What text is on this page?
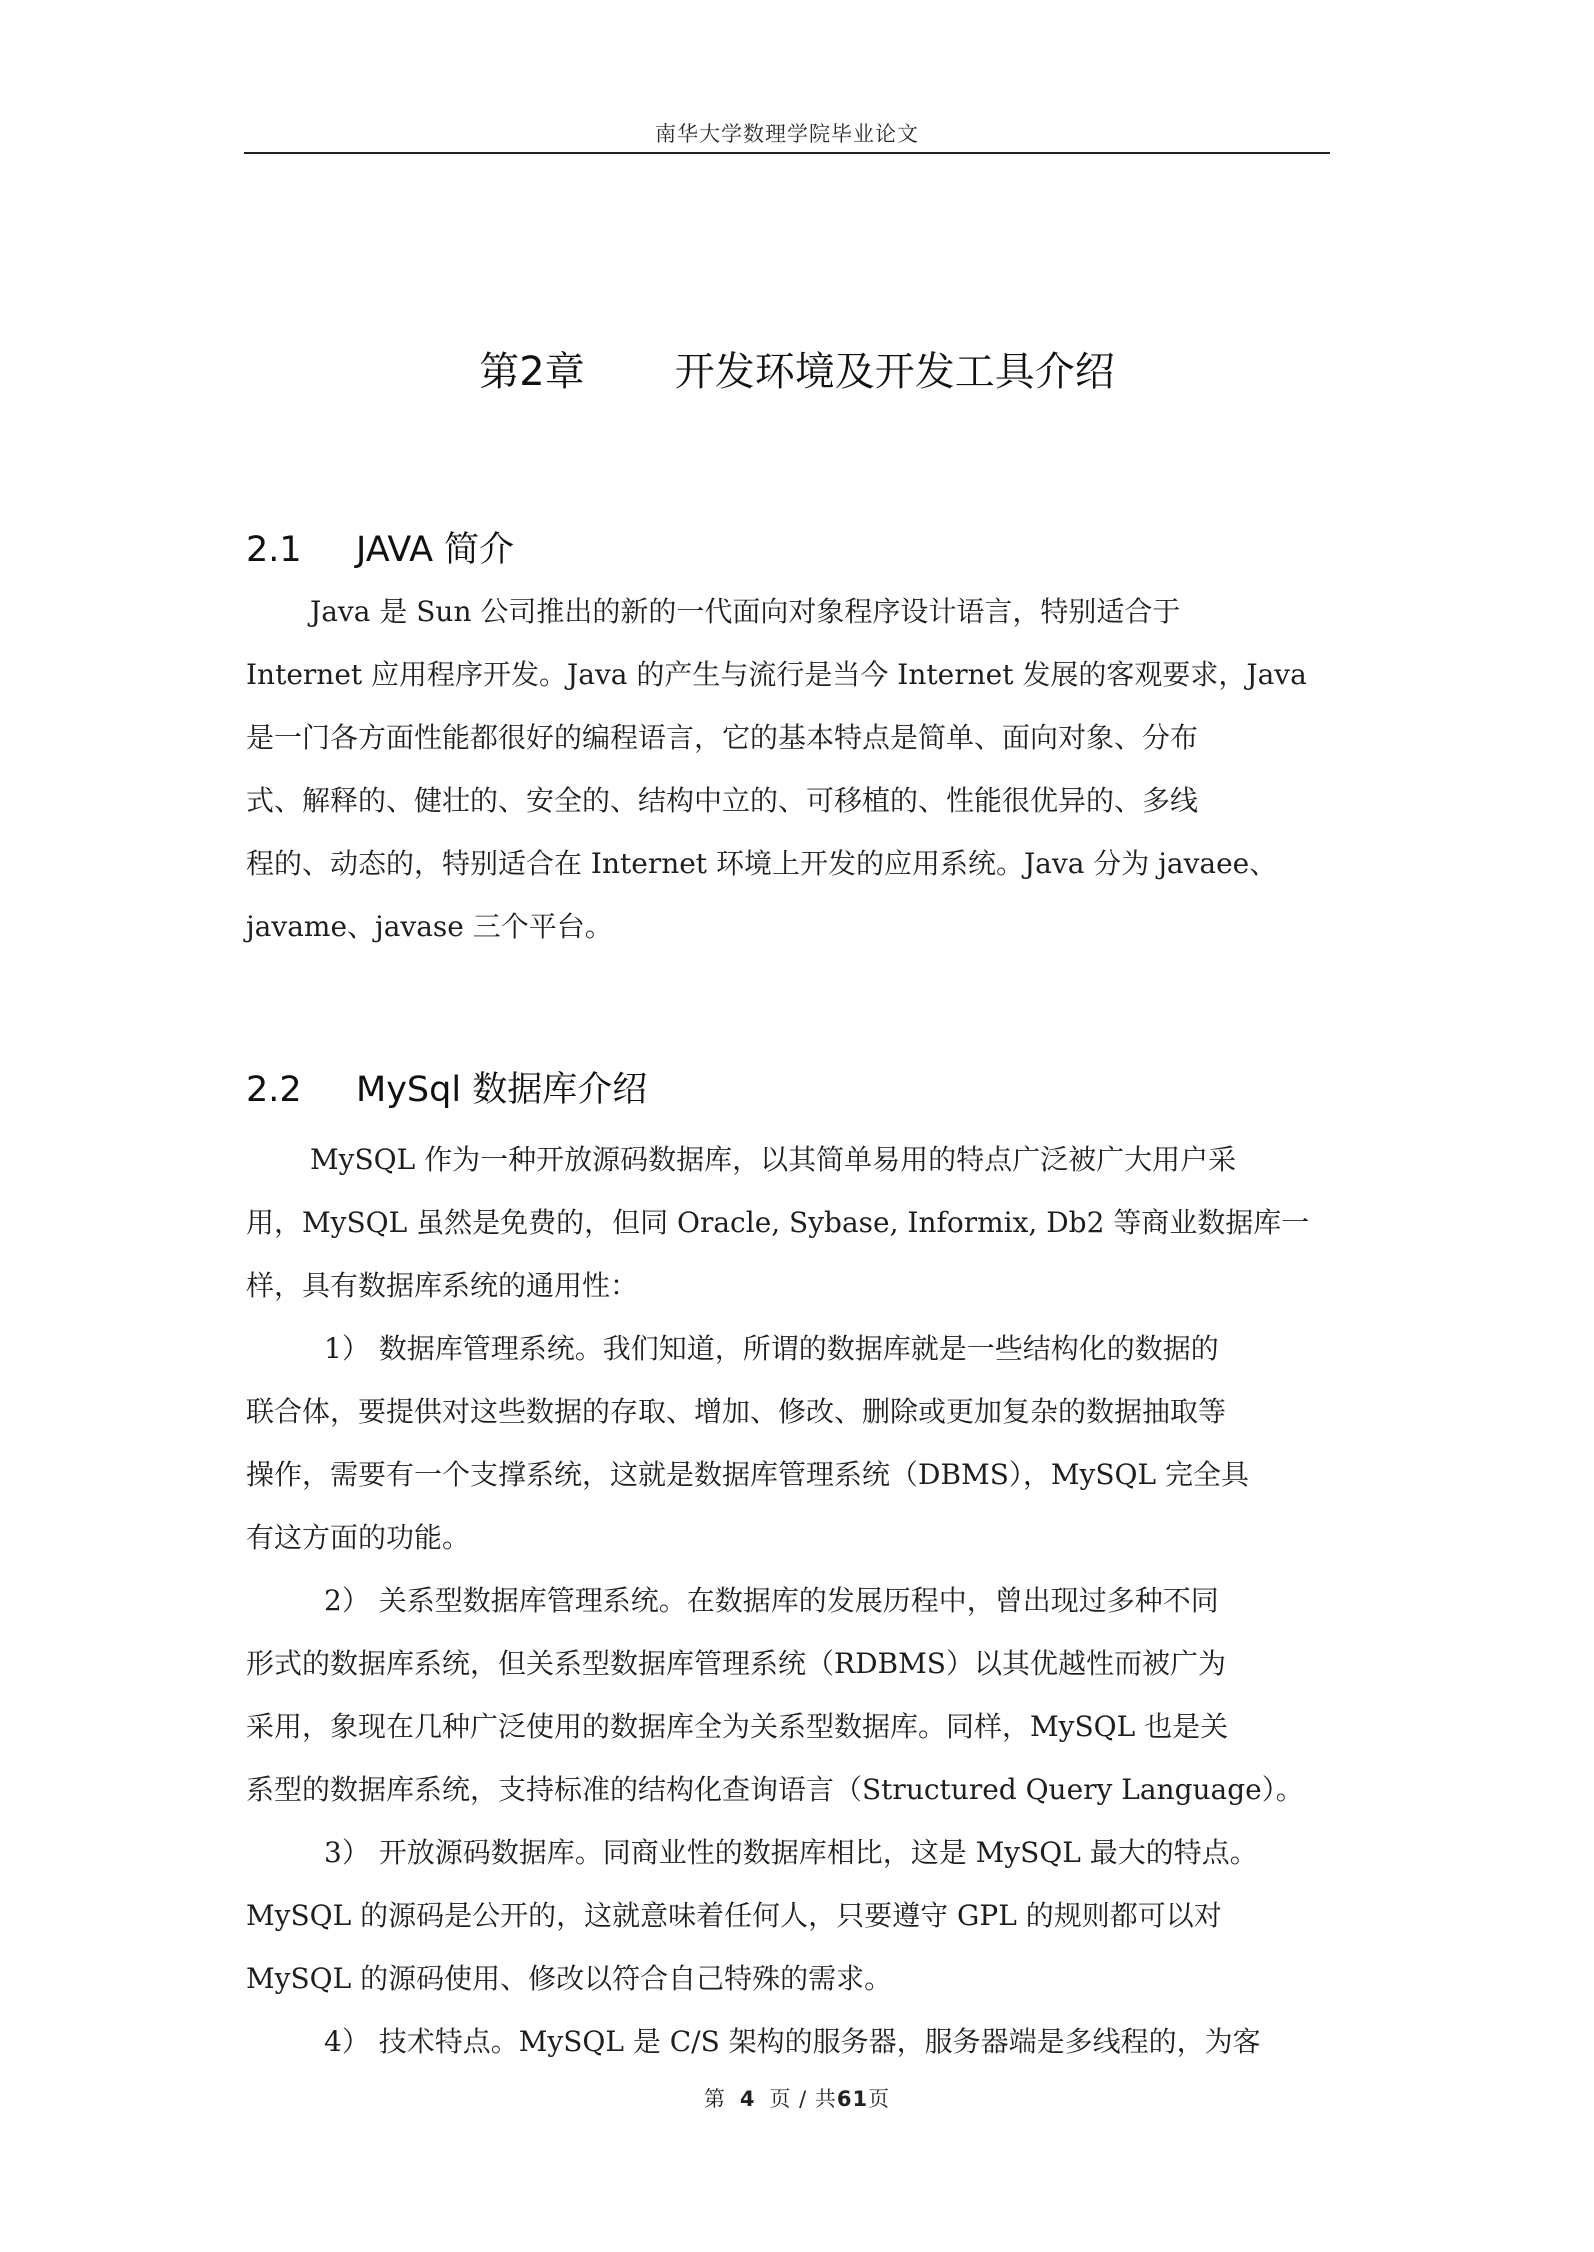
南华大学数理学院毕业论文
第2章 开发环境及开发工具介绍
2.1 JAVA 简介
Java 是 Sun 公司推出的新的一代面向对象程序设计语言，特别适合于
Internet 应用程序开发。Java 的产生与流行是当今 Internet 发展的客观要求，Java
是一门各方面性能都很好的编程语言，它的基本特点是简单、面向对象、分布
式、解释的、健壮的、安全的、结构中立的、可移植的、性能很优异的、多线
程的、动态的，特别适合在 Internet 环境上开发的应用系统。Java 分为 javaee、
javame、javase 三个平台。
2.2 MySql 数据库介绍
MySQL 作为一种开放源码数据库，以其简单易用的特点广泛被广大用户采
用，MySQL 虽然是免费的，但同 Oracle, Sybase, Informix, Db2 等商业数据库一
样，具有数据库系统的通用性：
1） 数据库管理系统。我们知道，所谓的数据库就是一些结构化的数据的
联合体，要提供对这些数据的存取、增加、修改、删除或更加复杂的数据抽取等
操作，需要有一个支撑系统，这就是数据库管理系统（DBMS），MySQL 完全具
有这方面的功能。
2） 关系型数据库管理系统。在数据库的发展历程中，曾出现过多种不同
形式的数据库系统，但关系型数据库管理系统（RDBMS）以其优越性而被广为
采用，象现在几种广泛使用的数据库全为关系型数据库。同样，MySQL 也是关
系型的数据库系统，支持标准的结构化查询语言（Structured Query Language）。
3） 开放源码数据库。同商业性的数据库相比，这是 MySQL 最大的特点。
MySQL 的源码是公开的，这就意味着任何人，只要遵守 GPL 的规则都可以对
MySQL 的源码使用、修改以符合自己特殊的需求。
4） 技术特点。MySQL 是 C/S 架构的服务器，服务器端是多线程的，为客
第 4 页 / 共61页
